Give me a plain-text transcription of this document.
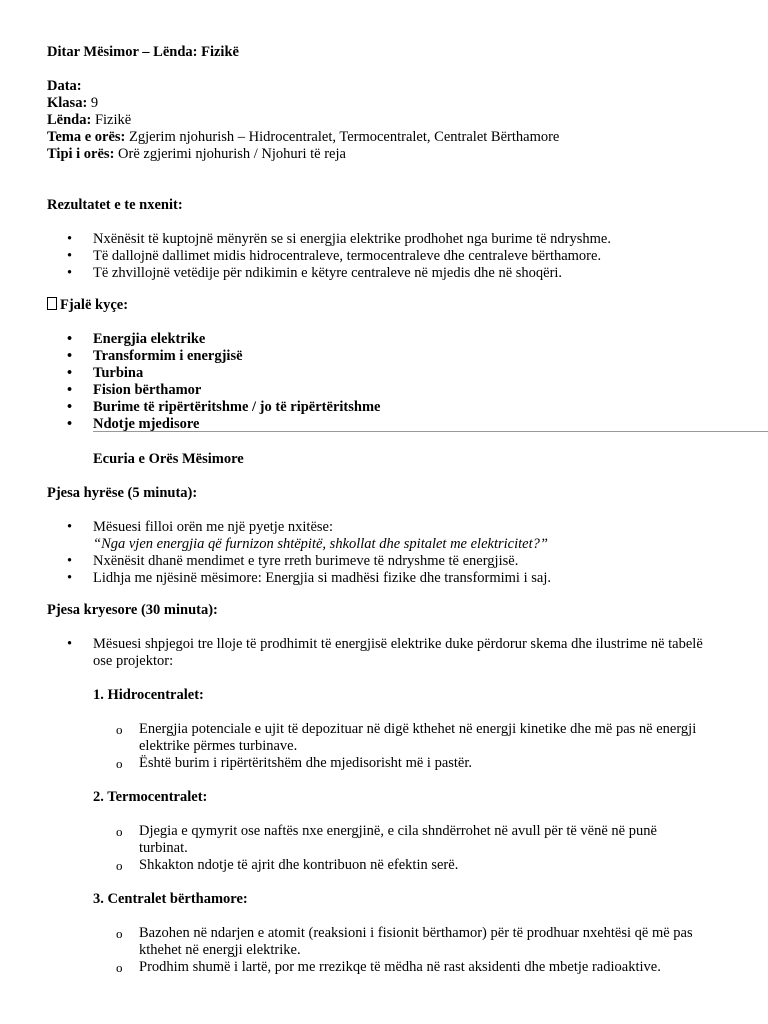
Ditar Mësimor – Lënda: Fizikë
Data:
Klasa: 9
Lënda: Fizikë
Tema e orës: Zgjerim njohurish – Hidrocentralet, Termocentralet, Centralet Bërthamore
Tipi i orës: Orë zgjerimi njohurish / Njohuri të reja
Rezultatet e te nxenit:
• Nxënësit të kuptojnë mënyrën se si energjia elektrike prodhohet nga burime të ndryshme.
• Të dallojnë dallimet midis hidrocentraleve, termocentraleve dhe centraleve bërthamore.
• Të zhvillojnë vetëdije për ndikimin e këtyre centraleve në mjedis dhe në shoqëri.
Fjalë kyçe:
• Energjia elektrike
• Transformim i energjisë
• Turbina
• Fision bërthamor
• Burime të ripërtëritshme / jo të ripërtëritshme
• Ndotje mjedisore
Ecuria e Orës Mësimore
Pjesa hyrëse (5 minuta):
• Mësuesi filloi orën me një pyetje nxitëse:
“Nga vjen energjia që furnizon shtëpitë, shkollat dhe spitalet me elektricitet?”
• Nxënësit dhanë mendimet e tyre rreth burimeve të ndryshme të energjisë.
• Lidhja me njësinë mësimore: Energjia si madhësi fizike dhe transformimi i saj.
Pjesa kryesore (30 minuta):
• Mësuesi shpjegoi tre lloje të prodhimit të energjisë elektrike duke përdorur skema dhe ilustrime në tabelë ose projektor:
1. Hidrocentralet:
o Energjia potenciale e ujit të depozituar në digë kthehet në energji kinetike dhe më pas në energji elektrike përmes turbinave.
o Është burim i ripërtëritshëm dhe mjedisorisht më i pastër.
2. Termocentralet:
o Djegia e qymyrit ose naftës nxe energjinë, e cila shndërrohet në avull për të vënë në punë turbinat.
o Shkakton ndotje të ajrit dhe kontribuon në efektin serë.
3. Centralet bërthamore:
o Bazohen në ndarjen e atomit (reaksioni i fisionit bërthamor) për të prodhuar nxehtësi që më pas kthehet në energji elektrike.
o Prodhim shumë i lartë, por me rrezikqe të mëdha në rast aksidenti dhe mbetje radioaktive.
